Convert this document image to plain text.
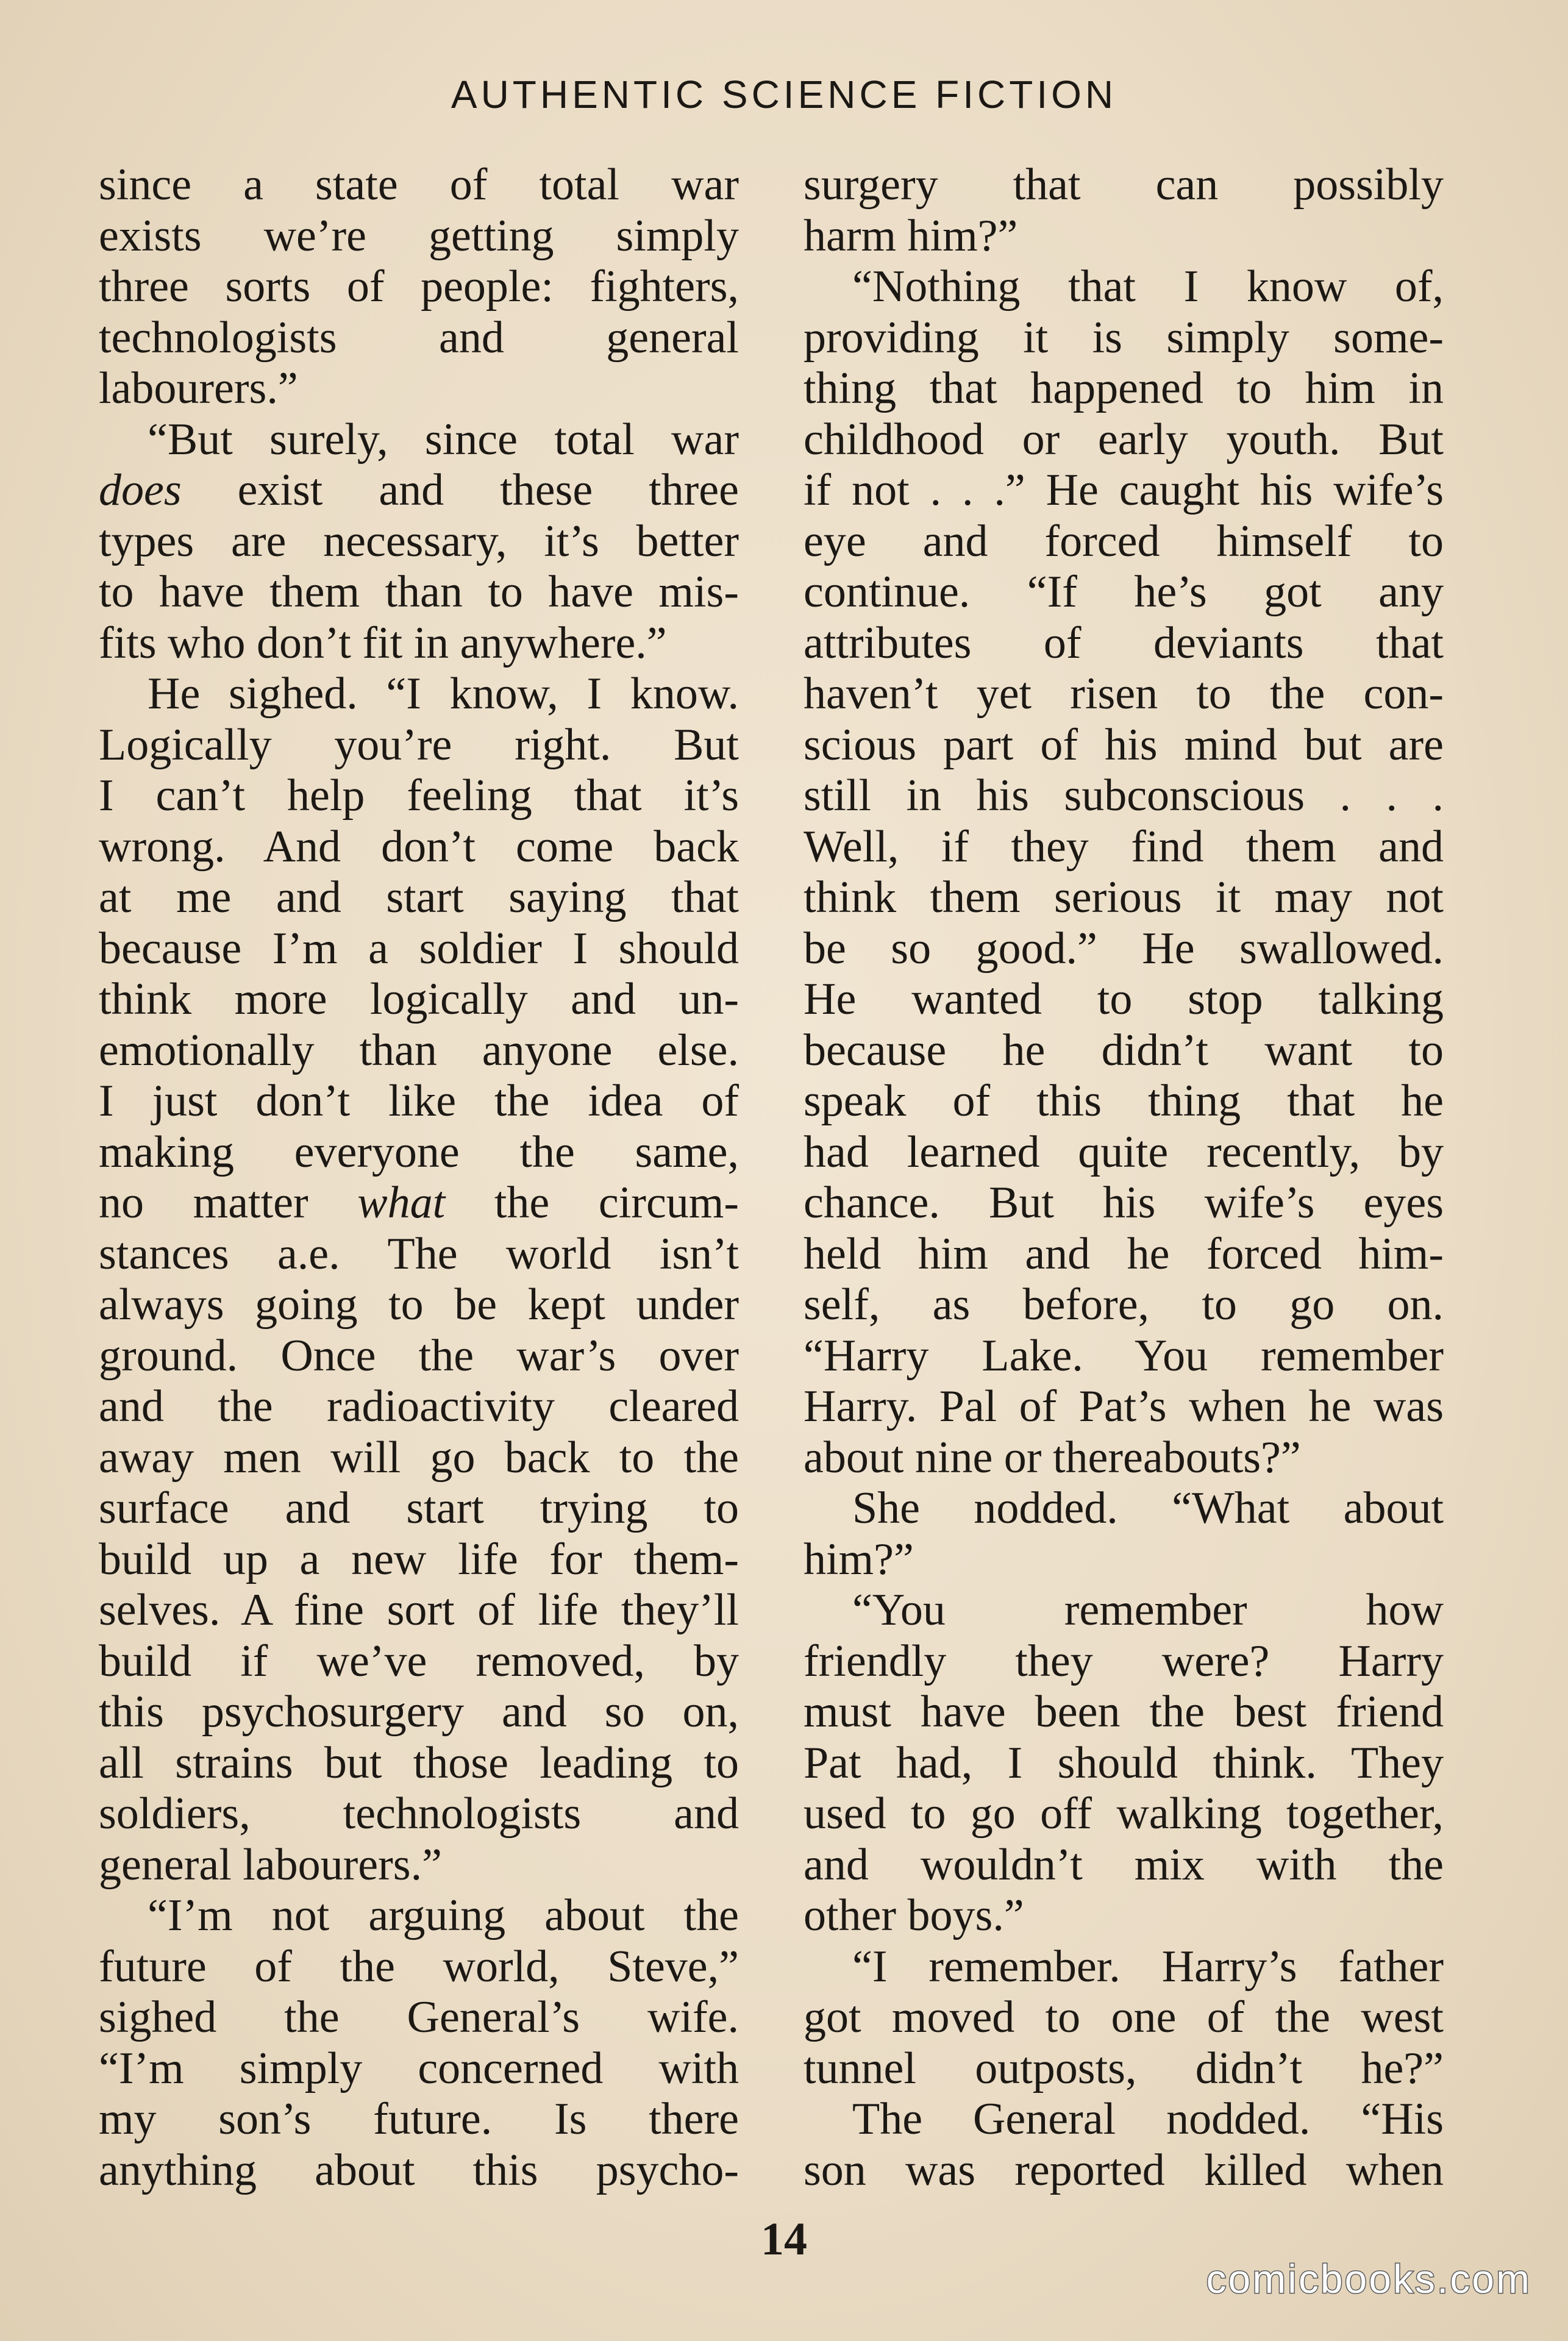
AUTHENTIC SCIENCE FICTION
since a state of total war
exists we’re getting simply
three sorts of people: fighters,
technologists and general
labourers.”
“But surely, since total war
does exist and these three
types are necessary, it’s better
to have them than to have mis-
fits who don’t fit in anywhere.”
He sighed. “I know, I know.
Logically you’re right. But
I can’t help feeling that it’s
wrong. And don’t come back
at me and start saying that
because I’m a soldier I should
think more logically and un-
emotionally than anyone else.
I just don’t like the idea of
making everyone the same,
no matter what the circum-
stances a.e. The world isn’t
always going to be kept under
ground. Once the war’s over
and the radioactivity cleared
away men will go back to the
surface and start trying to
build up a new life for them-
selves. A fine sort of life they’ll
build if we’ve removed, by
this psychosurgery and so on,
all strains but those leading to
soldiers, technologists and
general labourers.”
“I’m not arguing about the
future of the world, Steve,”
sighed the General’s wife.
“I’m simply concerned with
my son’s future. Is there
anything about this psycho-
surgery that can possibly
harm him?”
“Nothing that I know of,
providing it is simply some-
thing that happened to him in
childhood or early youth. But
if not . . .” He caught his wife’s
eye and forced himself to
continue. “If he’s got any
attributes of deviants that
haven’t yet risen to the con-
scious part of his mind but are
still in his subconscious . . .
Well, if they find them and
think them serious it may not
be so good.” He swallowed.
He wanted to stop talking
because he didn’t want to
speak of this thing that he
had learned quite recently, by
chance. But his wife’s eyes
held him and he forced him-
self, as before, to go on.
“Harry Lake. You remember
Harry. Pal of Pat’s when he was
about nine or thereabouts?”
She nodded. “What about
him?”
“You remember how
friendly they were? Harry
must have been the best friend
Pat had, I should think. They
used to go off walking together,
and wouldn’t mix with the
other boys.”
“I remember. Harry’s father
got moved to one of the west
tunnel outposts, didn’t he?”
The General nodded. “His
son was reported killed when
14
comicbooks.com
